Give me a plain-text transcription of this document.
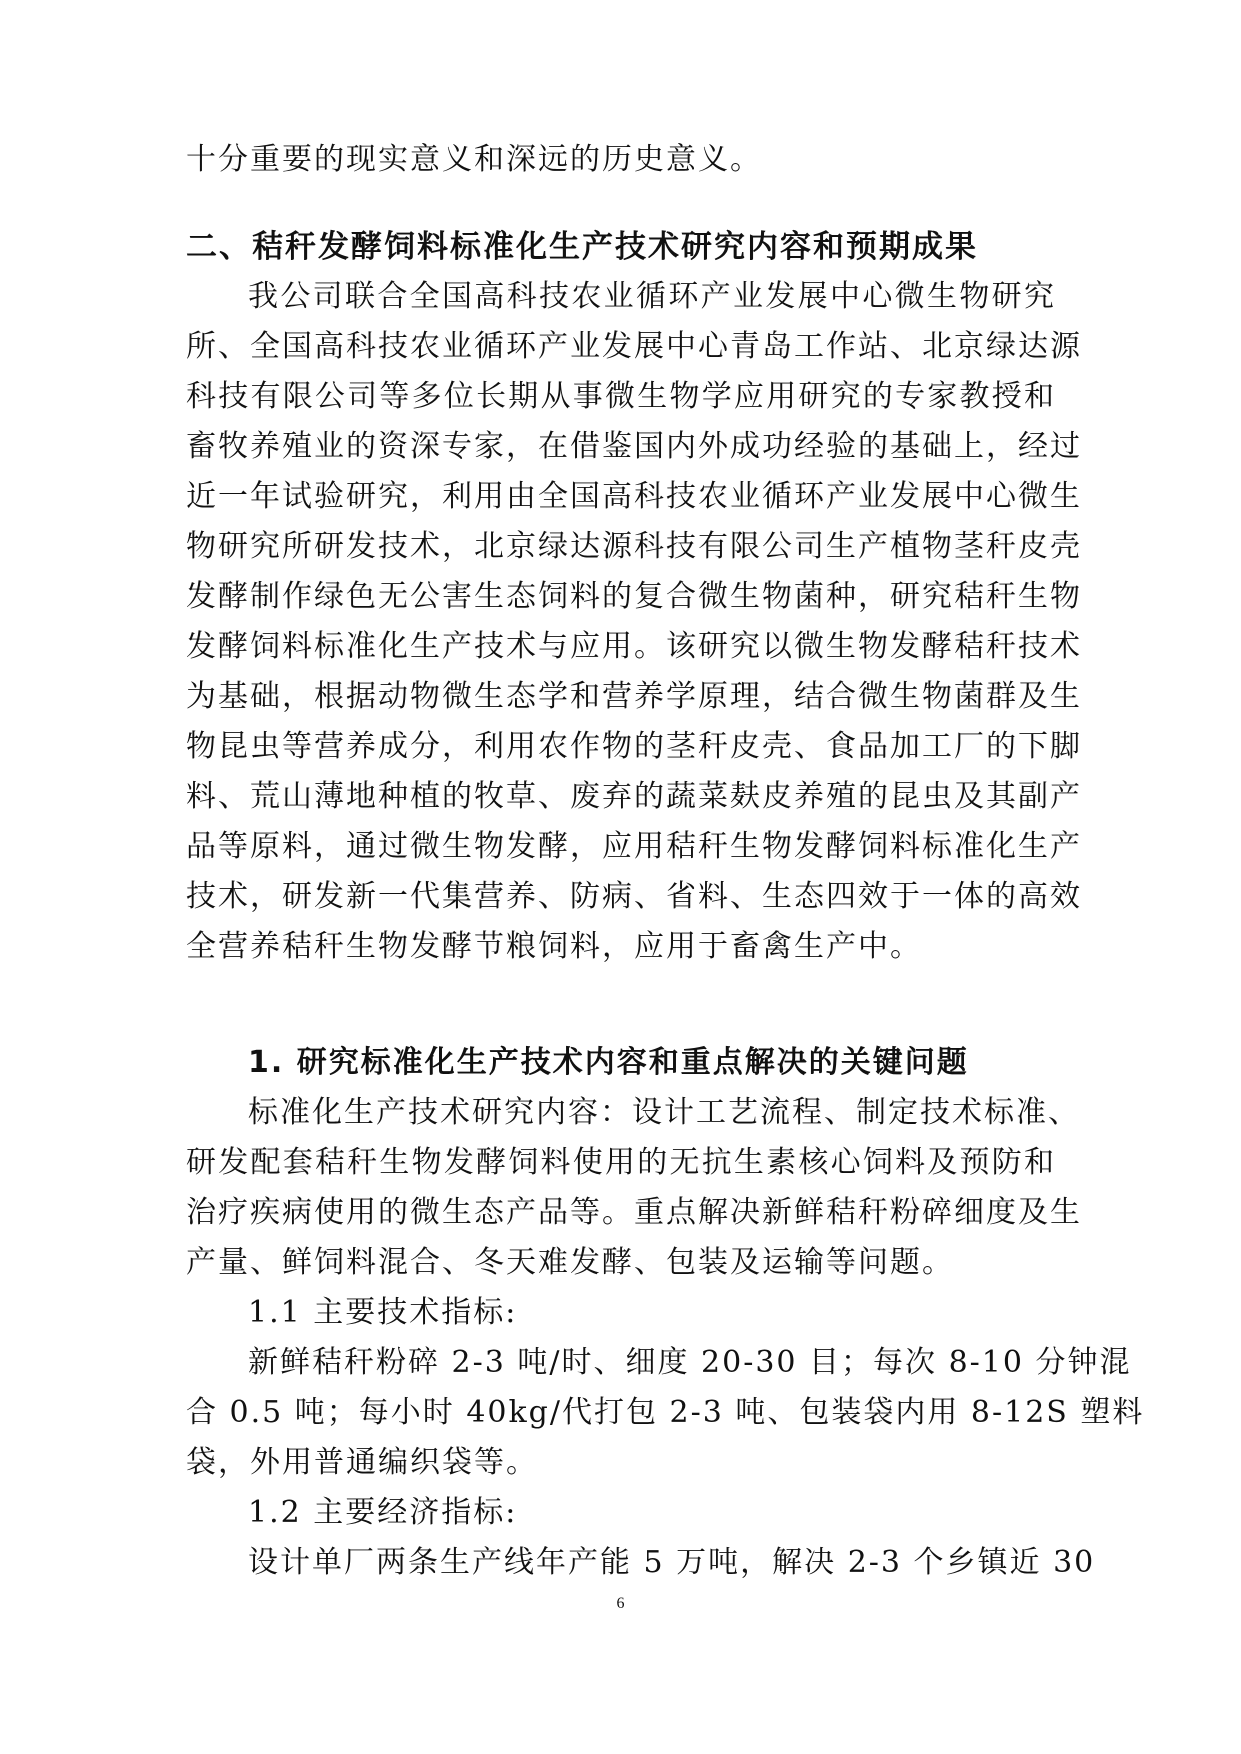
十分重要的现实意义和深远的历史意义。
二、秸秆发酵饲料标准化生产技术研究内容和预期成果
我公司联合全国高科技农业循环产业发展中心微生物研究
所、全国高科技农业循环产业发展中心青岛工作站、北京绿达源
科技有限公司等多位长期从事微生物学应用研究的专家教授和
畜牧养殖业的资深专家，在借鉴国内外成功经验的基础上，经过
近一年试验研究，利用由全国高科技农业循环产业发展中心微生
物研究所研发技术，北京绿达源科技有限公司生产植物茎秆皮壳
发酵制作绿色无公害生态饲料的复合微生物菌种，研究秸秆生物
发酵饲料标准化生产技术与应用。该研究以微生物发酵秸秆技术
为基础，根据动物微生态学和营养学原理，结合微生物菌群及生
物昆虫等营养成分，利用农作物的茎秆皮壳、食品加工厂的下脚
料、荒山薄地种植的牧草、废弃的蔬菜麸皮养殖的昆虫及其副产
品等原料，通过微生物发酵，应用秸秆生物发酵饲料标准化生产
技术，研发新一代集营养、防病、省料、生态四效于一体的高效
全营养秸秆生物发酵节粮饲料，应用于畜禽生产中。
1. 研究标准化生产技术内容和重点解决的关键问题
标准化生产技术研究内容：设计工艺流程、制定技术标准、
研发配套秸秆生物发酵饲料使用的无抗生素核心饲料及预防和
治疗疾病使用的微生态产品等。重点解决新鲜秸秆粉碎细度及生
产量、鲜饲料混合、冬天难发酵、包装及运输等问题。
1.1 主要技术指标:
新鲜秸秆粉碎 2-3 吨/时、细度 20-30 目；每次 8-10 分钟混
合 0.5 吨；每小时 40kg/代打包 2-3 吨、包装袋内用 8-12S 塑料
袋，外用普通编织袋等。
1.2 主要经济指标:
设计单厂两条生产线年产能 5 万吨，解决 2-3 个乡镇近 30
6
